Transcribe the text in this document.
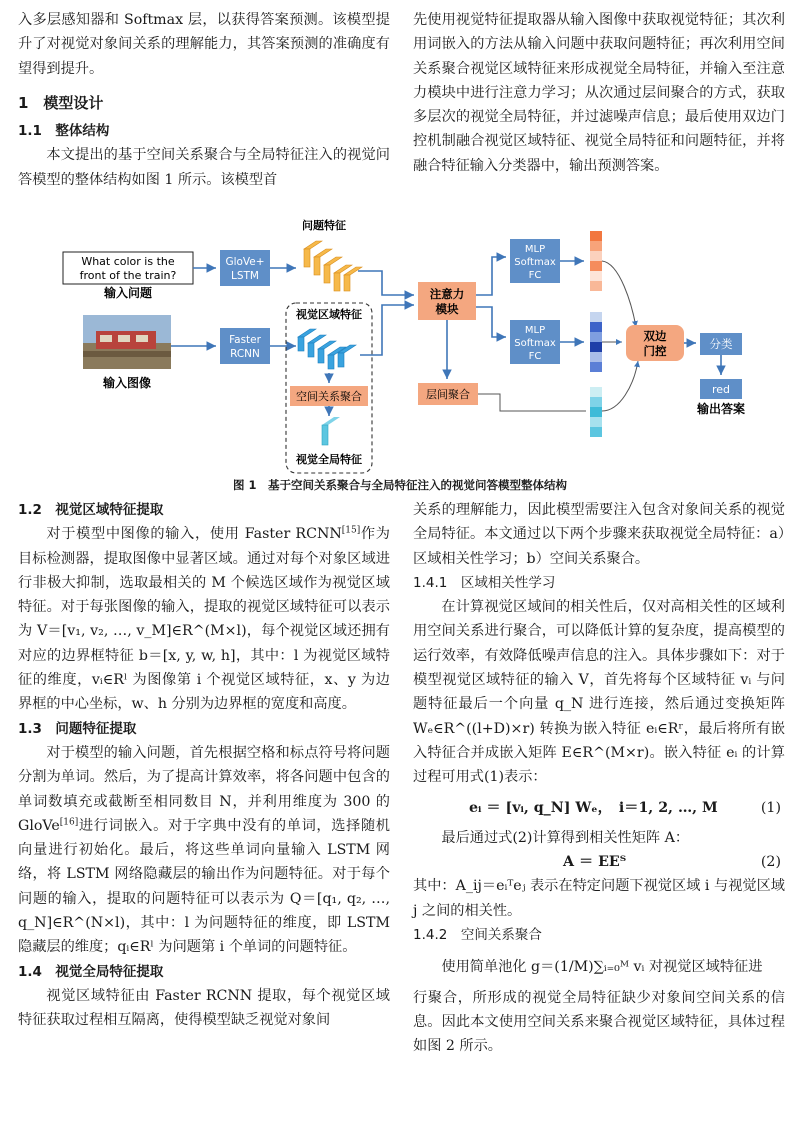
入多层感知器和 Softmax 层，以获得答案预测。该模型提升了对视觉对象间关系的理解能力，其答案预测的准确度有望得到提升。

1　模型设计

1.1　整体结构

本文提出的基于空间关系聚合与全局特征注入的视觉问答模型的整体结构如图 1 所示。该模型首

先使用视觉特征提取器从输入图像中获取视觉特征；其次利用词嵌入的方法从输入问题中获取问题特征；再次利用空间关系聚合视觉区域特征来形成视觉全局特征，并输入至注意力模块中进行注意力学习；从次通过层间聚合的方式，获取多层次的视觉全局特征，并过滤噪声信息；最后使用双边门控机制融合视觉区域特征、视觉全局特征和问题特征，并将融合特征输入分类器中，输出预测答案。

What color is the
front of the train?
输入问题
输入图像
GloVe+
LSTM
Faster
RCNN
问题特征
视觉区域特征
空间关系聚合
视觉全局特征
注意力
模块
层间聚合
MLP
Softmax
FC
MLP
Softmax
FC
双边
门控	分类
red
输出答案
图 1　基于空间关系聚合与全局特征注入的视觉问答模型整体结构

1.2　视觉区域特征提取

对于模型中图像的输入，使用 Faster RCNN[15]作为目标检测器，提取图像中显著区域。通过对每个对象区域进行非极大抑制，选取最相关的 M 个候选区域作为视觉区域特征。对于每张图像的输入，提取的视觉区域特征可以表示为 V＝[v₁, v₂, …, v_M]∈R^(M×l)，每个视觉区域还拥有对应的边界框特征 b＝[x, y, w, h]，其中：l 为视觉区域特征的维度，vᵢ∈Rˡ 为图像第 i 个视觉区域特征，x、y 为边界框的中心坐标，w、h 分别为边界框的宽度和高度。

1.3　问题特征提取

对于模型的输入问题，首先根据空格和标点符号将问题分割为单词。然后，为了提高计算效率，将各问题中包含的单词数填充或截断至相同数目 N，并利用维度为 300 的 GloVe[16]进行词嵌入。对于字典中没有的单词，选择随机向量进行初始化。最后，将这些单词向量输入 LSTM 网络，将 LSTM 网络隐藏层的输出作为问题特征。对于每个问题的输入，提取的问题特征可以表示为 Q＝[q₁, q₂, …, q_N]∈R^(N×l)，其中：l 为问题特征的维度，即 LSTM 隐藏层的维度；qᵢ∈Rˡ 为问题第 i 个单词的问题特征。

1.4　视觉全局特征提取

视觉区域特征由 Faster RCNN 提取，每个视觉区域特征获取过程相互隔离，使得模型缺乏视觉对象间

关系的理解能力，因此模型需要注入包含对象间关系的视觉全局特征。本文通过以下两个步骤来获取视觉全局特征：a）区域相关性学习；b）空间关系聚合。

1.4.1　区域相关性学习

在计算视觉区域间的相关性后，仅对高相关性的区域利用空间关系进行聚合，可以降低计算的复杂度，提高模型的运行效率，有效降低噪声信息的注入。具体步骤如下：对于模型视觉区域特征的输入 V，首先将每个区域特征 vᵢ 与问题特征最后一个向量 q_N 进行连接，然后通过变换矩阵 Wₑ∈R^((l+D)×r) 转换为嵌入特征 eᵢ∈Rʳ，最后将所有嵌入特征合并成嵌入矩阵 E∈R^(M×r)。嵌入特征 eᵢ 的计算过程可用式(1)表示：

eᵢ ＝ [vᵢ, q_N] Wₑ，　i＝1, 2, …, M	(1)

最后通过式(2)计算得到相关性矩阵 A：

A ＝ EEᵀ	(2)

其中：A_ij＝eᵢᵀeⱼ 表示在特定问题下视觉区域 i 与视觉区域 j 之间的相关性。

1.4.2　空间关系聚合

使用简单池化 g＝(1/M)∑ᵢ₌₀ᴹ vᵢ 对视觉区域特征进

行聚合，所形成的视觉全局特征缺少对象间空间关系的信息。因此本文使用空间关系来聚合视觉区域特征，具体过程如图 2 所示。
